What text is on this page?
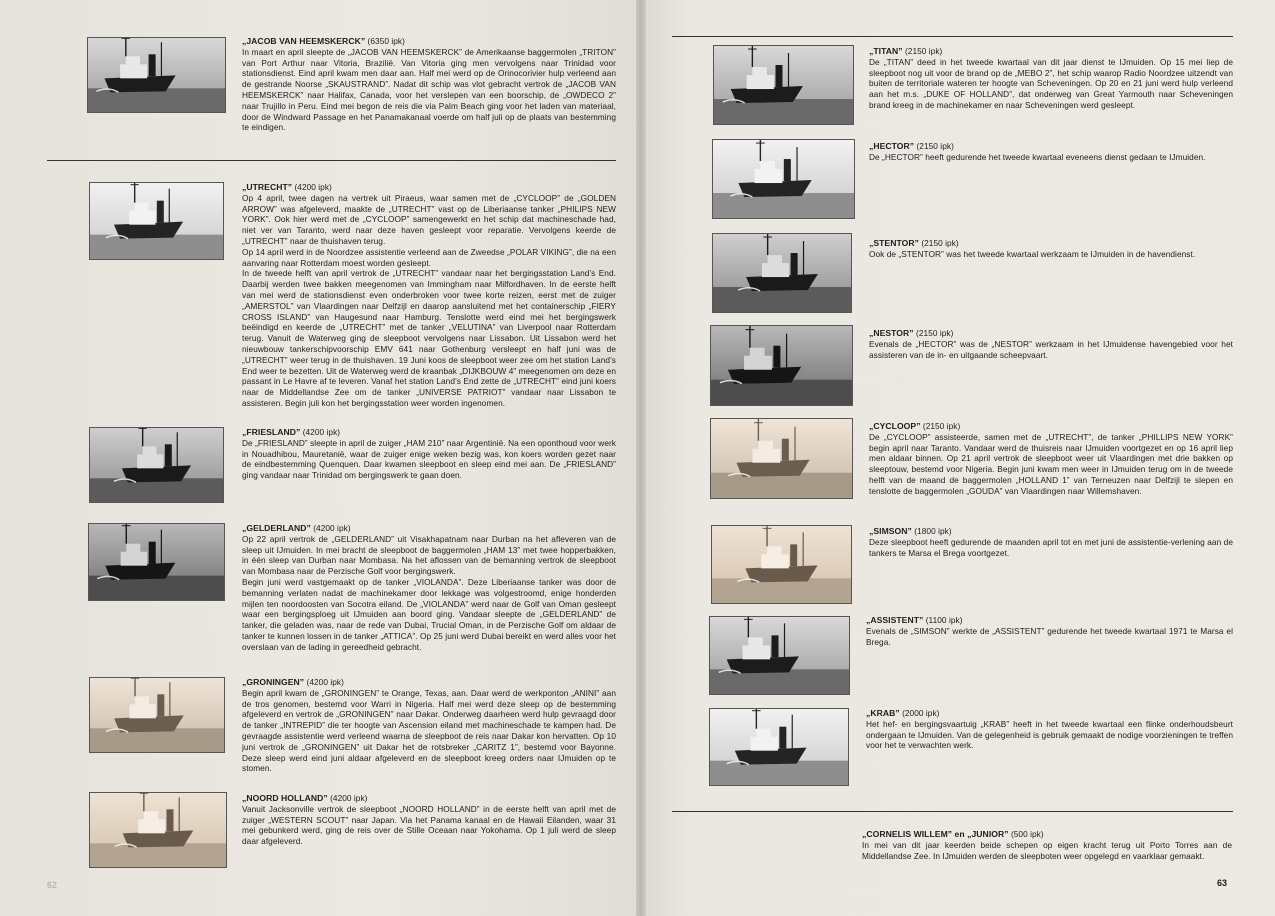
„JACOB VAN HEEMSKERCK” (6350 ipk)

In maart en april sleepte de „JACOB VAN HEEMSKERCK” de Amerikaanse baggermolen „TRITON” van Port Arthur naar Vitoria, Brazilië. Van Vitoria ging men vervolgens naar Trinidad voor stationsdienst. Eind april kwam men daar aan. Half mei werd op de Orinocorivier hulp verleend aan de gestrande Noorse „SKAUSTRAND”. Nadat dit schip was vlot gebracht vertrok de „JACOB VAN HEEMSKERCK” naar Halifax, Canada, voor het verslepen van een boorschip, de „OWDECO 2” naar Trujillo in Peru. Eind mei begon de reis die via Palm Beach ging voor het laden van materiaal, door de Windward Passage en het Panamakanaal voerde om half juli op de plaats van bestemming te eindigen.

„UTRECHT” (4200 ipk)

Op 4 april, twee dagen na vertrek uit Piraeus, waar samen met de „CYCLOOP” de „GOLDEN ARROW” was afgeleverd, maakte de „UTRECHT” vast op de Liberiaanse tanker „PHILIPS NEW YORK”. Ook hier werd met de „CYCLOOP” samengewerkt en het schip dat machineschade had, niet ver van Taranto, werd naar deze haven gesleept voor reparatie. Vervolgens keerde de „UTRECHT” naar de thuishaven terug.

Op 14 april werd in de Noordzee assistentie verleend aan de Zweedse „POLAR VIKING”, die na een aanvaring naar Rotterdam moest worden gesleept.

In de tweede helft van april vertrok de „UTRECHT” vandaar naar het bergingsstation Land’s End. Daarbij werden twee bakken meegenomen van Immingham naar Milfordhaven. In de eerste helft van mei werd de stationsdienst even onderbroken voor twee korte reizen, eerst met de zuiger „AMERSTOL” van Vlaardingen naar Delfzijl en daarop aansluitend met het containerschip „FIERY CROSS ISLAND” van Haugesund naar Hamburg. Tenslotte werd eind mei het bergingswerk beëindigd en keerde de „UTRECHT” met de tanker „VELUTINA” van Liverpool naar Rotterdam terug. Vanuit de Waterweg ging de sleepboot vervolgens naar Lissabon. Uit Lissabon werd het nieuwbouw tankerschipvoorschip EMV 641 naar Gothenburg versleept en half juni was de „UTRECHT” weer terug in de thuishaven. 19 Juni koos de sleepboot weer zee om het station Land’s End weer te bezetten. Uit de Waterweg werd de kraanbak „DIJKBOUW 4” meegenomen om deze en passant in Le Havre af te leveren. Vanaf het station Land’s End zette de „UTRECHT” eind juni koers naar de Middellandse Zee om de tanker „UNIVERSE PATRIOT” vandaar naar Lissabon te assisteren. Begin juli kon het bergingsstation weer worden ingenomen.

„FRIESLAND” (4200 ipk)

De „FRIESLAND” sleepte in april de zuiger „HAM 210” naar Argentinië. Na een oponthoud voor werk in Nouadhibou, Mauretanië, waar de zuiger enige weken bezig was, kon koers worden gezet naar de eindbestemming Quenquen. Daar kwamen sleepboot en sleep eind mei aan. De „FRIESLAND” ging vandaar naar Trinidad om bergingswerk te gaan doen.

„GELDERLAND” (4200 ipk)

Op 22 april vertrok de „GELDERLAND” uit Visakhapatnam naar Durban na het afleveren van de sleep uit IJmuiden. In mei bracht de sleepboot de baggermolen „HAM 13” met twee hopperbakken, in één sleep van Durban naar Mombasa. Na het aflossen van de bemanning vertrok de sleepboot van Mombasa naar de Perzische Golf voor bergingswerk.

Begin juni werd vastgemaakt op de tanker „VIOLANDA”. Deze Liberiaanse tanker was door de bemanning verlaten nadat de machinekamer door lekkage was volgestroomd, enige honderden mijlen ten noordoosten van Socotra eiland. De „VIOLANDA” werd naar de Golf van Oman gesleept waar een bergingsploeg uit IJmuiden aan boord ging. Vandaar sleepte de „GELDERLAND” de tanker, die geladen was, naar de rede van Dubai, Trucial Oman, in de Perzische Golf om aldaar de tanker te kunnen lossen in de tanker „ATTICA”. Op 25 juni werd Dubai bereikt en werd alles voor het overslaan van de lading in gereedheid gebracht.

„GRONINGEN” (4200 ipk)

Begin april kwam de „GRONINGEN” te Orange, Texas, aan. Daar werd de werkponton „ANINI” aan de tros genomen, bestemd voor Warri in Nigeria. Half mei werd deze sleep op de bestemming afgeleverd en vertrok de „GRONINGEN” naar Dakar. Onderweg daarheen werd hulp gevraagd door de tanker „INTREPID” die ter hoogte van Ascension eiland met machineschade te kampen had. De gevraagde assistentie werd verleend waarna de sleepboot de reis naar Dakar kon hervatten. Op 10 juni vertrok de „GRONINGEN” uit Dakar het de rotsbreker „CARITZ 1”, bestemd voor Bayonne. Deze sleep werd eind juni aldaar afgeleverd en de sleepboot kreeg orders naar IJmuiden op te stomen.

„NOORD HOLLAND” (4200 ipk)

Vanuit Jacksonville vertrok de sleepboot „NOORD HOLLAND” in de eerste helft van april met de zuiger „WESTERN SCOUT” naar Japan. Via het Panama kanaal en de Hawaii Eilanden, waar 31 mei gebunkerd werd, ging de reis over de Stille Oceaan naar Yokohama. Op 1 juli werd de sleep daar afgeleverd.

62
„TITAN” (2150 ipk)

De „TITAN” deed in het tweede kwartaal van dit jaar dienst te IJmuiden. Op 15 mei liep de sleepboot nog uit voor de brand op de „MEBO 2”, het schip waarop Radio Noordzee uitzendt van buiten de territoriale wateren ter hoogte van Scheveningen. Op 20 en 21 juni werd hulp verleend aan het m.s. „DUKE OF HOLLAND”, dat onderweg van Great Yarmouth naar Scheveningen brand kreeg in de machinekamer en naar Scheveningen werd gesleept.

„HECTOR” (2150 ipk)

De „HECTOR” heeft gedurende het tweede kwartaal eveneens dienst gedaan te IJmuiden.

„STENTOR” (2150 ipk)

Ook de „STENTOR” was het tweede kwartaal werkzaam te IJmuiden in de havendienst.

„NESTOR” (2150 ipk)

Evenals de „HECTOR” was de „NESTOR” werkzaam in het IJmuidense havengebied voor het assisteren van de in- en uitgaande scheepvaart.

„CYCLOOP” (2150 ipk)

De „CYCLOOP” assisteerde, samen met de „UTRECHT”, de tanker „PHILLIPS NEW YORK” begin april naar Taranto. Vandaar werd de thuisreis naar IJmuiden voortgezet en op 16 april liep men aldaar binnen. Op 21 april vertrok de sleepboot weer uit Vlaardingen met drie bakken op sleeptouw, bestemd voor Nigeria. Begin juni kwam men weer in IJmuiden terug om in de tweede helft van de maand de baggermolen „HOLLAND 1” van Terneuzen naar Delfzijl te slepen en tenslotte de baggermolen „GOUDA” van Vlaardingen naar Willemshaven.

„SIMSON” (1800 ipk)

Deze sleepboot heeft gedurende de maanden april tot en met juni de assistentie-verlening aan de tankers te Marsa el Brega voortgezet.

„ASSISTENT” (1100 ipk)

Evenals de „SIMSON” werkte de „ASSISTENT” gedurende het tweede kwartaal 1971 te Marsa el Brega.

„KRAB” (2000 ipk)

Het hef- en bergingsvaartuig „KRAB” heeft in het tweede kwartaal een flinke onderhoudsbeurt ondergaan te IJmuiden. Van de gelegenheid is gebruik gemaakt de nodige voorzieningen te treffen voor het te verwachten werk.

„CORNELIS WILLEM” en „JUNIOR” (500 ipk)

In mei van dit jaar keerden beide schepen op eigen kracht terug uit Porto Torres aan de Middellandse Zee. In IJmuiden werden de sleepboten weer opgelegd en vaarklaar gemaakt.

63
